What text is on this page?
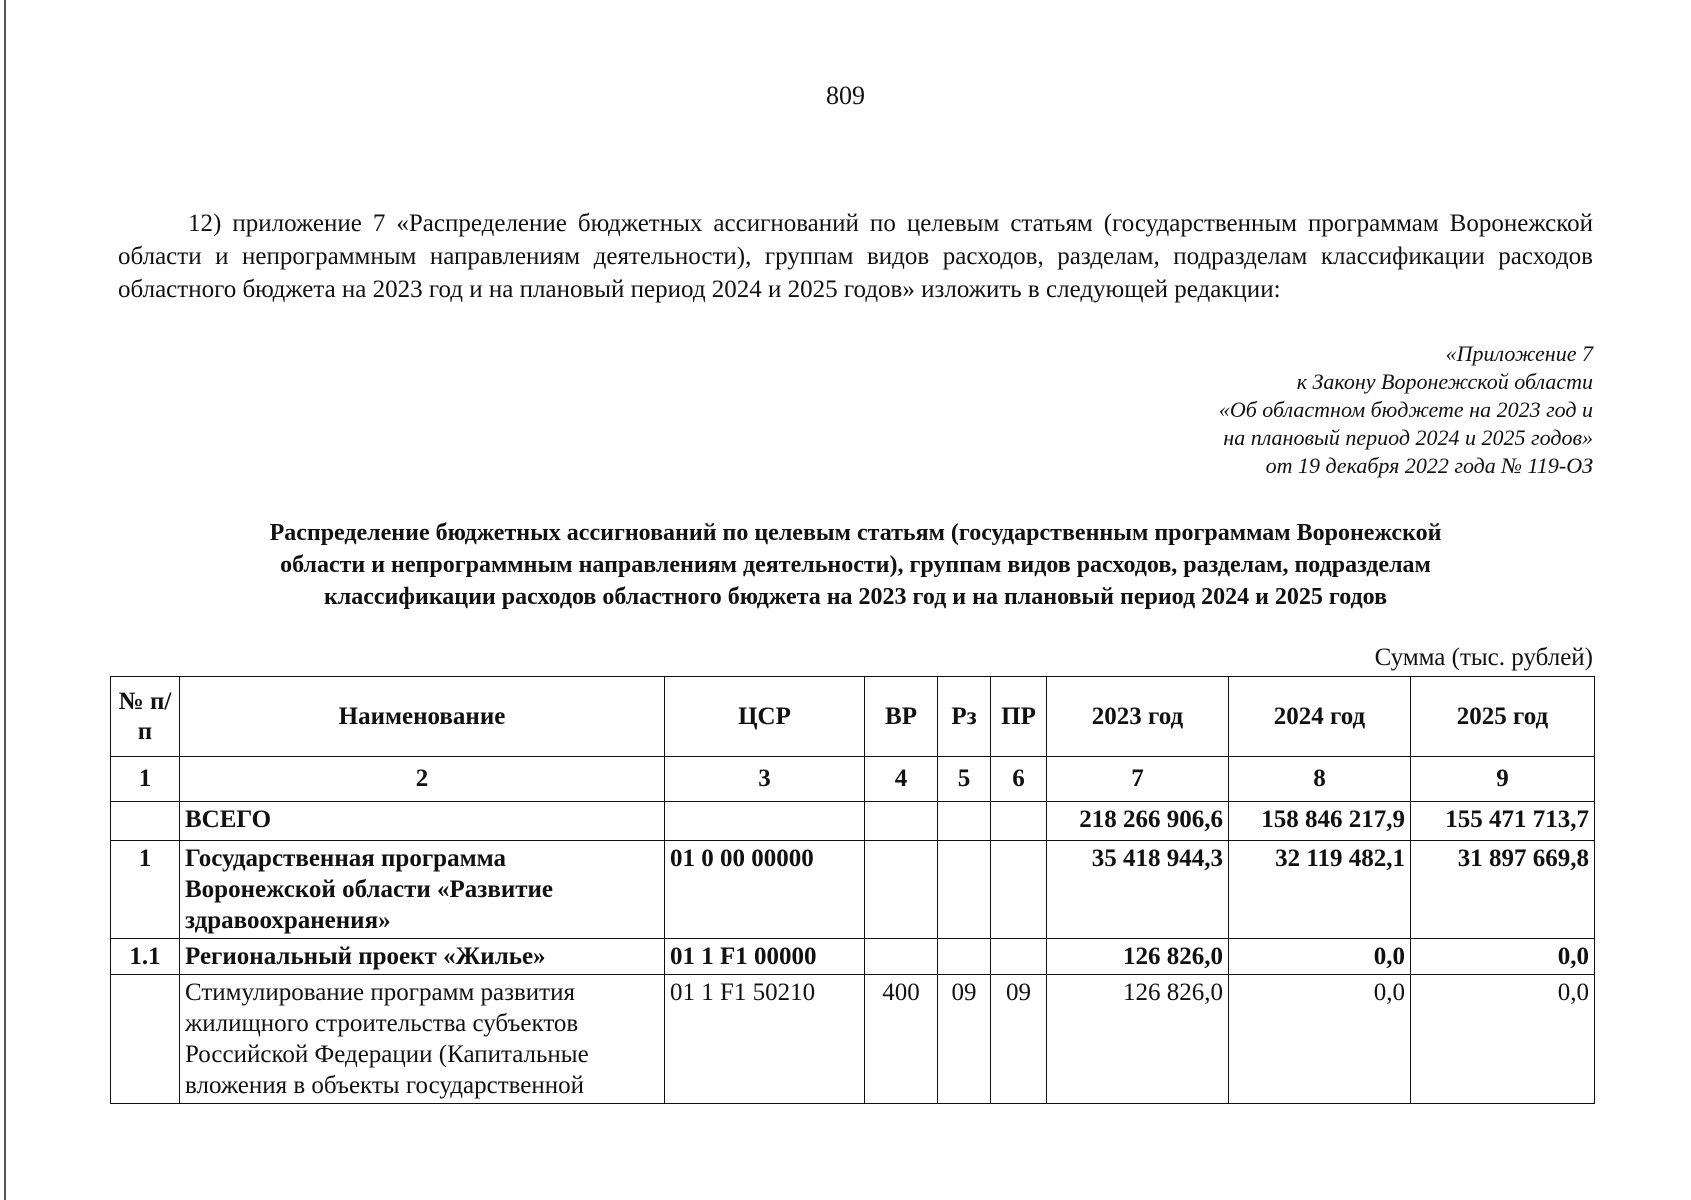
809

12) приложение 7 «Распределение бюджетных ассигнований по целевым статьям (государственным программам Воронежской области и непрограммным направлениям деятельности), группам видов расходов, разделам, подразделам классификации расходов областного бюджета на 2023 год и на плановый период 2024 и 2025 годов» изложить в следующей редакции:

«Приложение 7
к Закону Воронежской области
«Об областном бюджете на 2023 год и
на плановый период 2024 и 2025 годов»
от 19 декабря 2022 года № 119-ОЗ
Распределение бюджетных ассигнований по целевым статьям (государственным программам Воронежской
области и непрограммным направлениям деятельности), группам видов расходов, разделам, подразделам
классификации расходов областного бюджета на 2023 год и на плановый период 2024 и 2025 годов
Сумма (тыс. рублей)
№ п/п	Наименование	ЦСР	ВР	Рз	ПР	2023 год	2024 год	2025 год
1	2	3	4	5	6	7	8	9
	ВСЕГО					218 266 906,6	158 846 217,9	155 471 713,7
1	Государственная программа Воронежской области «Развитие здравоохранения»	01 0 00 00000				35 418 944,3	32 119 482,1	31 897 669,8
1.1	Региональный проект «Жилье»	01 1 F1 00000				126 826,0	0,0	0,0
	Стимулирование программ развития жилищного строительства субъектов Российской Федерации (Капитальные вложения в объекты государственной	01 1 F1 50210	400	09	09	126 826,0	0,0	0,0
